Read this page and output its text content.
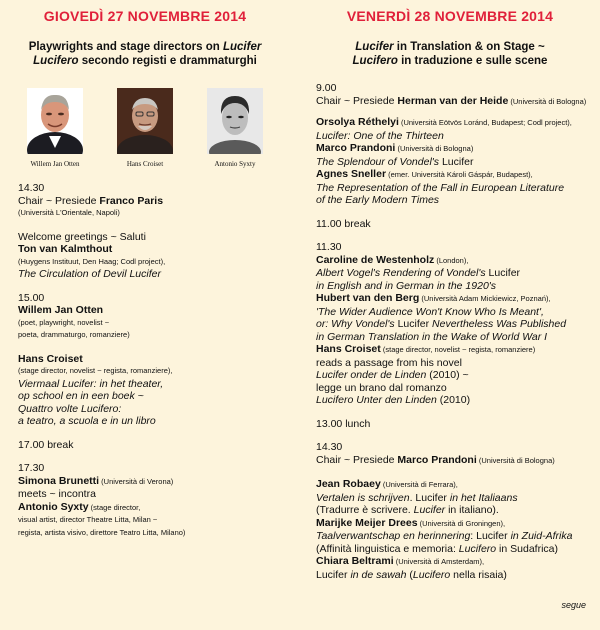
GIOVEDÌ 27 NOVEMBRE 2014
Playwrights and stage directors on Lucifer
Lucifero secondo registi e drammaturghi
Willem Jan Otten	Hans Croiset	Antonio Syxty
14.30
Chair ~ Presiede Franco Paris
(Università L'Orientale, Napoli)
Welcome greetings ~ Saluti
Ton van Kalmthout
(Huygens Instituut, Den Haag; Codl project),
The Circulation of Devil Lucifer
15.00
Willem Jan Otten
(poet, playwright, novelist ~
poeta, drammaturgo, romanziere)
Hans Croiset
(stage director, novelist ~ regista, romanziere),
Viermaal Lucifer: in het theater,
op school en in een boek ~
Quattro volte Lucifero:
a teatro, a scuola e in un libro
17.00 break
17.30
Simona Brunetti (Università di Verona)
meets ~ incontra
Antonio Syxty (stage director,
visual artist, director Theatre Litta, Milan ~
regista, artista visivo, direttore Teatro Litta, Milano)
VENERDÌ 28 NOVEMBRE 2014
Lucifer in Translation & on Stage ~
Lucifero in traduzione e sulle scene
9.00
Chair ~ Presiede Herman van der Heide (Università di Bologna)
Orsolya Réthelyi (Università Eötvös Loránd, Budapest; Codl project),
Lucifer: One of the Thirteen
Marco Prandoni (Università di Bologna)
The Splendour of Vondel's Lucifer
Agnes Sneller (emer. Università Károli Gáspár, Budapest),
The Representation of the Fall in European Literature
of the Early Modern Times
11.00 break
11.30
Caroline de Westenholz (London),
Albert Vogel's Rendering of Vondel's Lucifer
in English and in German in the 1920's
Hubert van den Berg (Università Adam Mickiewicz, Poznań),
'The Wider Audience Won't Know Who Is Meant',
or: Why Vondel's Lucifer Nevertheless Was Published
in German Translation in the Wake of World War I
Hans Croiset (stage director, novelist ~ regista, romanziere)
reads a passage from his novel
Lucifer onder de Linden (2010) ~
legge un brano dal romanzo
Lucifero Unter den Linden (2010)
13.00 lunch
14.30
Chair ~ Presiede Marco Prandoni (Università di Bologna)
Jean Robaey (Università di Ferrara),
Vertalen is schrijven. Lucifer in het Italiaans
(Tradurre è scrivere. Lucifer in italiano).
Marijke Meijer Drees (Università di Groningen),
Taalverwantschap en herinnering: Lucifer in Zuid-Afrika
(Affinità linguistica e memoria: Lucifero in Sudafrica)
Chiara Beltrami (Università di Amsterdam),
Lucifer in de sawah (Lucifero nella risaia)
segue
